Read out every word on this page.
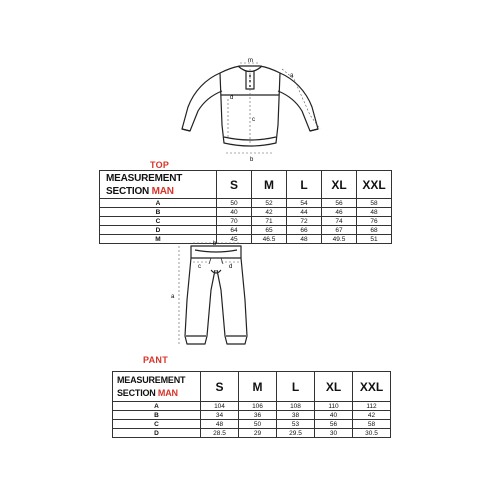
m
a
b
c
d
TOP
MEASUREMENT
SECTION MAN	S	M	L	XL	XXL
A	50	52	54	56	58
B	40	42	44	46	48
C	70	71	72	74	76
D	64	65	66	67	68
M	45	46.5	48	49.5	51
b
a
c	d
PANT
MEASUREMENT
SECTION MAN	S	M	L	XL	XXL
A	104	106	108	110	112
B	34	36	38	40	42
C	48	50	53	56	58
D	28.5	29	29.5	30	30.5
